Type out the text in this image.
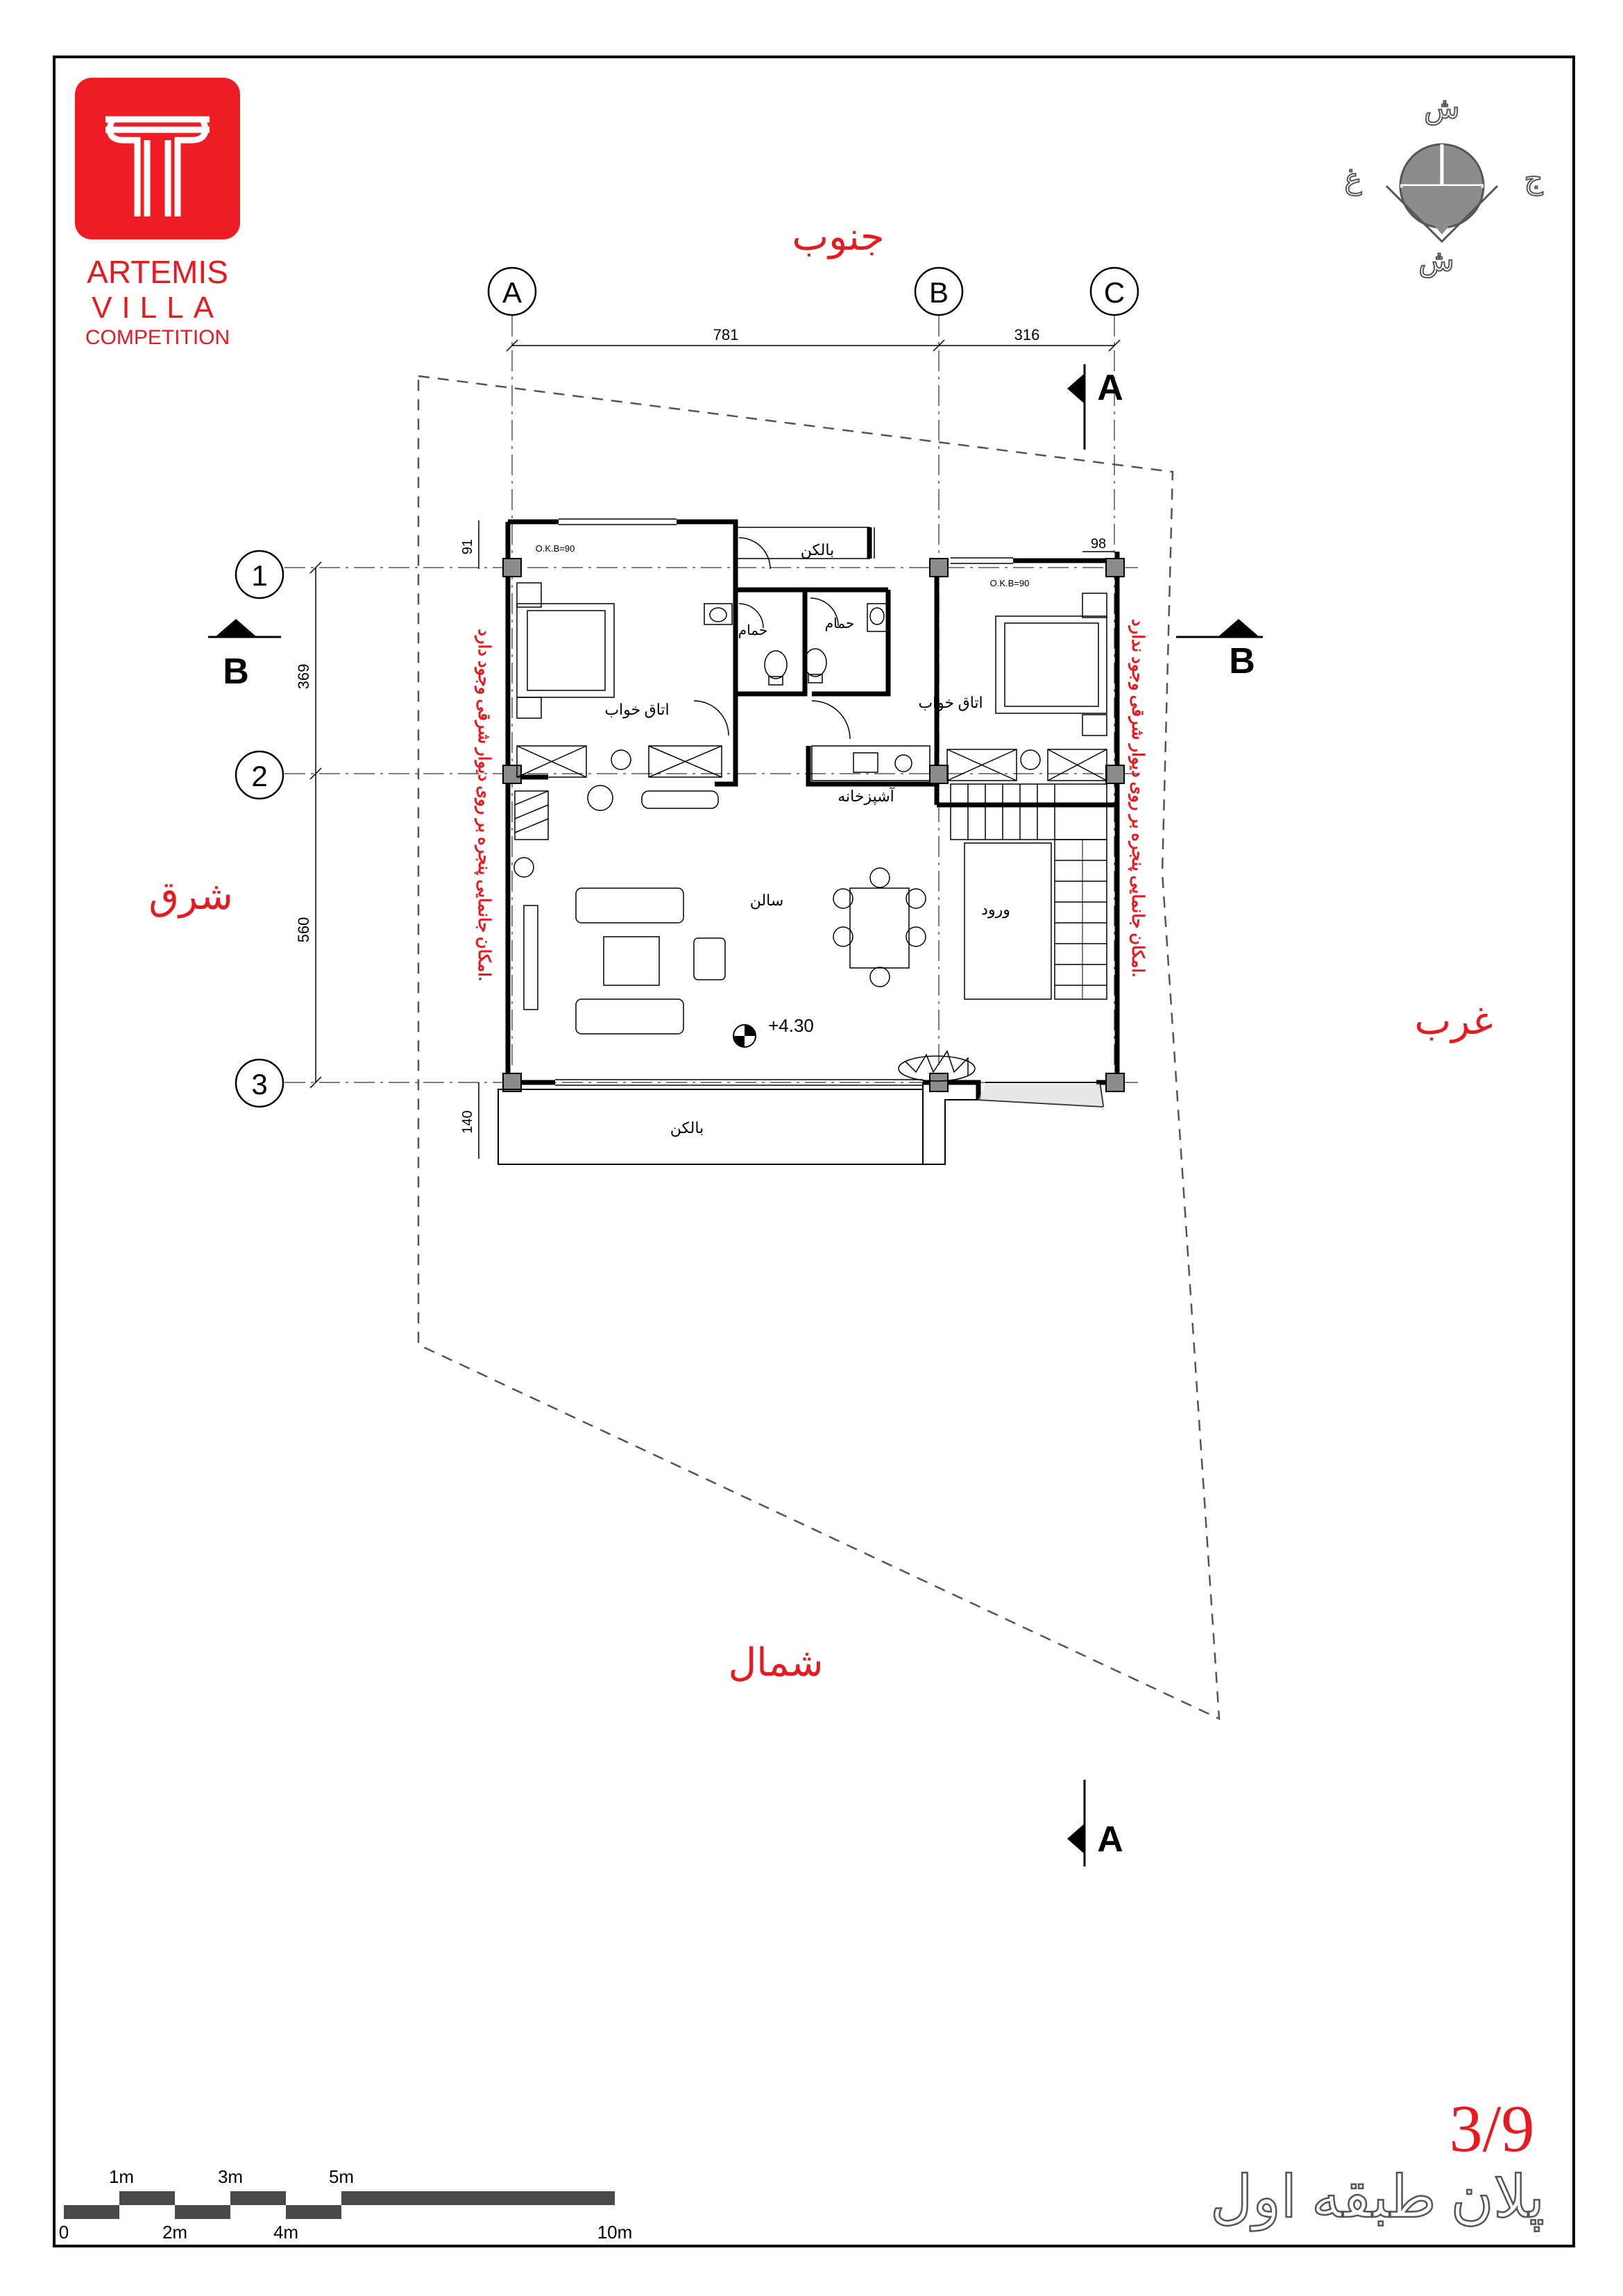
ARTEMIS
VILLA
COMPETITION
ش
غ	ج
ش
جنوب
شرق
غرب
شمال
A	B	C
1
2
3
781	316
369
560
91
140
98
A
A
B	B
+4.30
بالکن
حمام	حمام
اتاق خواب	اتاق خواب
آشپزخانه
سالن
ورود
بالکن
O.K.B=90
O.K.B=90
امکان جانمایی پنجره بر روی دیوار شرقی وجود دارد.
امکان جانمایی پنجره بر روی دیوار شرقی وجود ندارد.
3/9
پلان طبقه اول
1m	3m	5m
0	2m	4m	10m
